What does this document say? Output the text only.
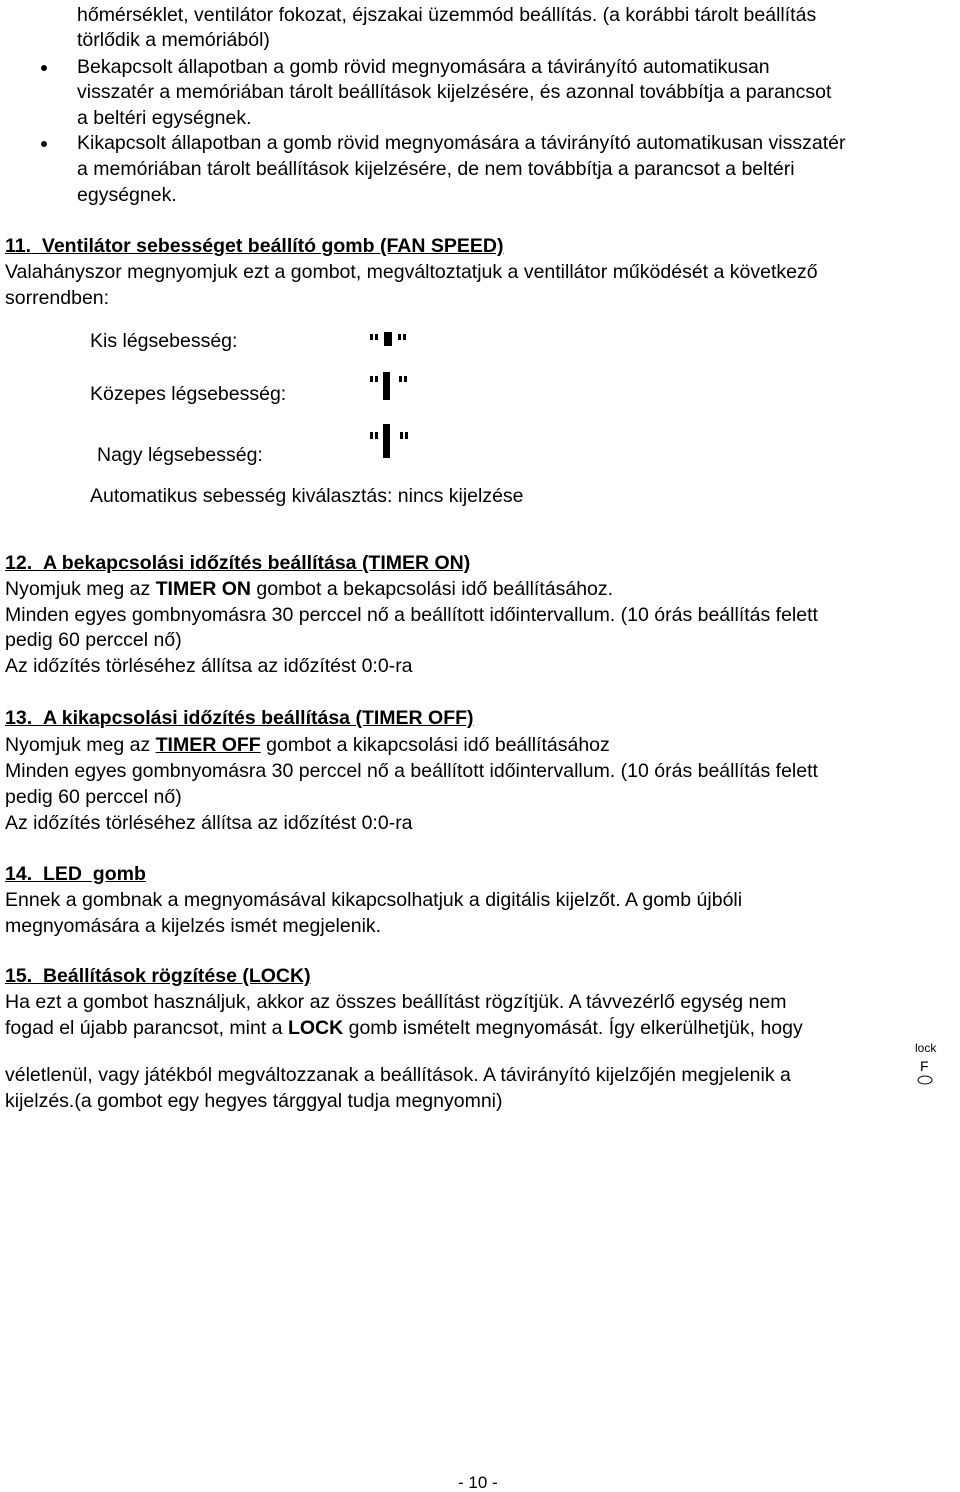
hőmérséklet, ventilátor fokozat, éjszakai üzemmód beállítás. (a korábbi tárolt beállítás
törlődik a memóriából)
Bekapcsolt állapotban a gomb rövid megnyomására a távirányító automatikusan
visszatér a memóriában tárolt beállítások kijelzésére, és azonnal továbbítja a parancsot
a beltéri egységnek.
Kikapcsolt állapotban a gomb rövid megnyomására a távirányító automatikusan visszatér
a memóriában tárolt beállítások kijelzésére, de nem továbbítja a parancsot a beltéri
egységnek.
11. Ventilátor sebességet beállító gomb (FAN SPEED)
Valahányszor megnyomjuk ezt a gombot, megváltoztatjuk a ventillátor működését a következő
sorrendben:
Kis légsebesség:
Közepes légsebesség:
Nagy légsebesség:
Automatikus sebesség kiválasztás: nincs kijelzése
12. A bekapcsolási időzítés beállítása (TIMER ON)
Nyomjuk meg az TIMER ON gombot a bekapcsolási idő beállításához.
Minden egyes gombnyomásra 30 perccel nő a beállított időintervallum. (10 órás beállítás felett
pedig 60 perccel nő)
Az időzítés törléséhez állítsa az időzítést 0:0-ra
13. A kikapcsolási időzítés beállítása (TIMER OFF)
Nyomjuk meg az TIMER OFF gombot a kikapcsolási idő beállításához
Minden egyes gombnyomásra 30 perccel nő a beállított időintervallum. (10 órás beállítás felett
pedig 60 perccel nő)
Az időzítés törléséhez állítsa az időzítést 0:0-ra
14. LED  gomb
Ennek a gombnak a megnyomásával kikapcsolhatjuk a digitális kijelzőt. A gomb újbóli
megnyomására a kijelzés ismét megjelenik.
15. Beállítások rögzítése (LOCK)
Ha ezt a gombot használjuk, akkor az összes beállítást rögzítjük. A távvezérlő egység nem
fogad el újabb parancsot, mint a LOCK gomb ismételt megnyomását. Így elkerülhetjük, hogy
lock
F
véletlenül, vagy játékból megváltozzanak a beállítások. A távirányító kijelzőjén megjelenik a
kijelzés.(a gombot egy hegyes tárggyal tudja megnyomni)
- 10 -
